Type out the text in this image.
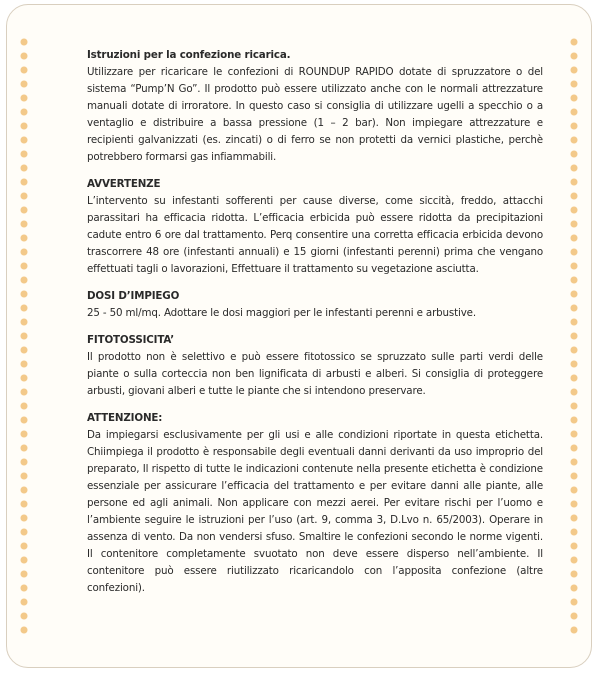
Istruzioni per la confezione ricarica.

Utilizzare per ricaricare le confezioni di ROUNDUP RAPIDO dotate di spruzzatore o del sistema “Pump’N Go”. Il prodotto può essere utilizzato anche con le normali attrezzature manuali dotate di irroratore. In questo caso si consiglia di utilizzare ugelli a specchio o a ventaglio e distribuire a bassa pressione (1 – 2 bar). Non impiegare attrezzature e recipienti galvanizzati (es. zincati) o di ferro se non protetti da vernici plastiche, perchè potrebbero formarsi gas infiammabili.

AVVERTENZE

L’intervento su infestanti sofferenti per cause diverse, come siccità, freddo, attacchi parassitari ha efficacia ridotta. L’efficacia erbicida può essere ridotta da precipitazioni cadute entro 6 ore dal trattamento. Perq consentire una corretta efficacia erbicida devono trascorrere 48 ore (infestanti annuali) e 15 giorni (infestanti perenni) prima che vengano effettuati tagli o lavorazioni, Effettuare il trattamento su vegetazione asciutta.

DOSI D’IMPIEGO

25 - 50 ml/mq. Adottare le dosi maggiori per le infestanti perenni e arbustive.

FITOTOSSICITA’

Il prodotto non è selettivo e può essere fitotossico se spruzzato sulle parti verdi delle piante o sulla corteccia non ben lignificata di arbusti e alberi. Si consiglia di proteggere arbusti, giovani alberi e tutte le piante che si intendono preservare.

ATTENZIONE:

Da impiegarsi esclusivamente per gli usi e alle condizioni riportate in questa etichetta. Chiimpiega il prodotto è responsabile degli eventuali danni derivanti da uso improprio del preparato, Il rispetto di tutte le indicazioni contenute nella presente etichetta è condizione essenziale per assicurare l’efficacia del trattamento e per evitare danni alle piante, alle persone ed agli animali. Non applicare con mezzi aerei. Per evitare rischi per l’uomo e l’ambiente seguire le istruzioni per l’uso (art. 9, comma 3, D.Lvo n. 65/2003). Operare in assenza di vento. Da non vendersi sfuso. Smaltire le confezioni secondo le norme vigenti. Il contenitore completamente svuotato non deve essere disperso nell’ambiente. Il contenitore può essere riutilizzato ricaricandolo con l’apposita confezione (altre confezioni).
